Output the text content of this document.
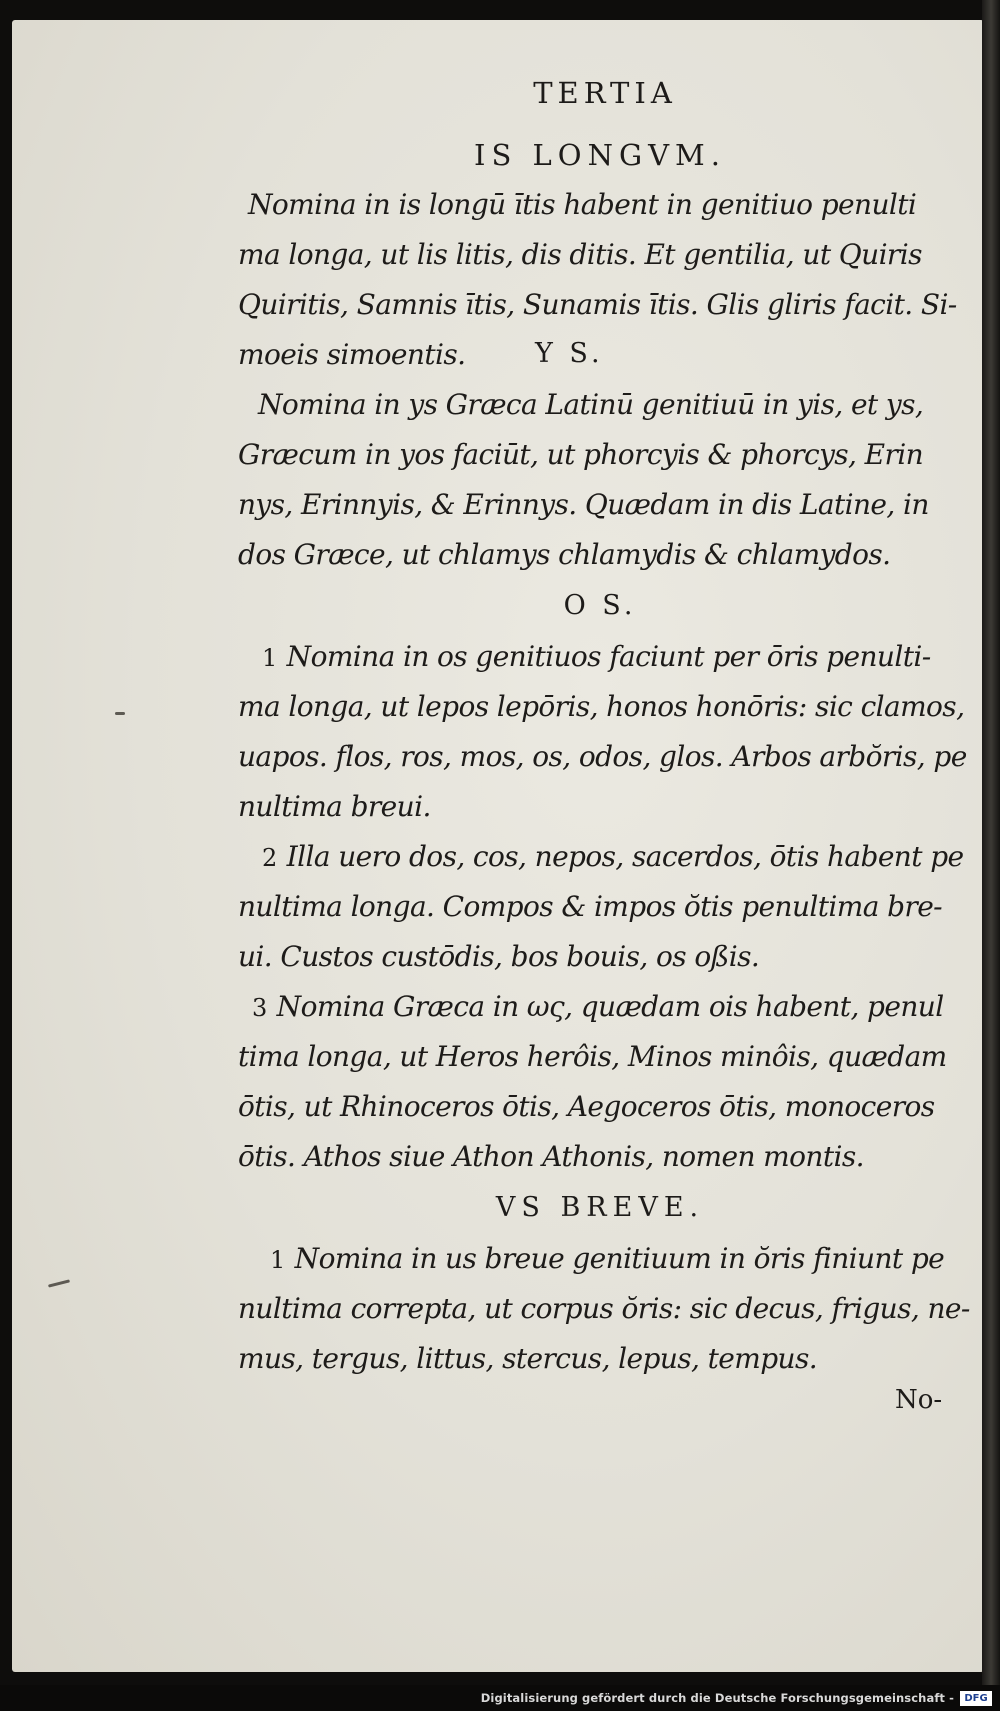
TERTIA
IS LONGVM.
Nomina in is longū ītis habent in genitiuo penulti
ma longa, ut lis litis, dis ditis. Et gentilia, ut Quiris
Quiritis, Samnis ītis, Sunamis ītis. Glis gliris facit. Si-
moeis simoentis.	Y S.
Nomina in ys Græca Latinū genitiuū in yis, et ys,
Græcum in yos faciūt, ut phorcyis & phorcys, Erin
nys, Erinnyis, & Erinnys. Quædam in dis Latine, in
dos Græce, ut chlamys chlamydis & chlamydos.
O S.
1 Nomina in os genitiuos faciunt per ōris penulti-
ma longa, ut lepos lepōris, honos honōris: sic clamos,
uapos. flos, ros, mos, os, odos, glos. Arbos arbŏris, pe
nultima breui.
2 Illa uero dos, cos, nepos, sacerdos, ōtis habent pe
nultima longa. Compos & impos ŏtis penultima bre-
ui. Custos custōdis, bos bouis, os oßis.
3 Nomina Græca in ως, quædam ois habent, penul
tima longa, ut Heros herôis, Minos minôis, quædam
ōtis, ut Rhinoceros ōtis, Aegoceros ōtis, monoceros
ōtis. Athos siue Athon Athonis, nomen montis.
VS BREVE.
1 Nomina in us breue genitiuum in ŏris finiunt pe
nultima correpta, ut corpus ŏris: sic decus, frigus, ne-
mus, tergus, littus, stercus, lepus, tempus.
No-
Digitalisierung gefördert durch die Deutsche Forschungsgemeinschaft -	DFG
